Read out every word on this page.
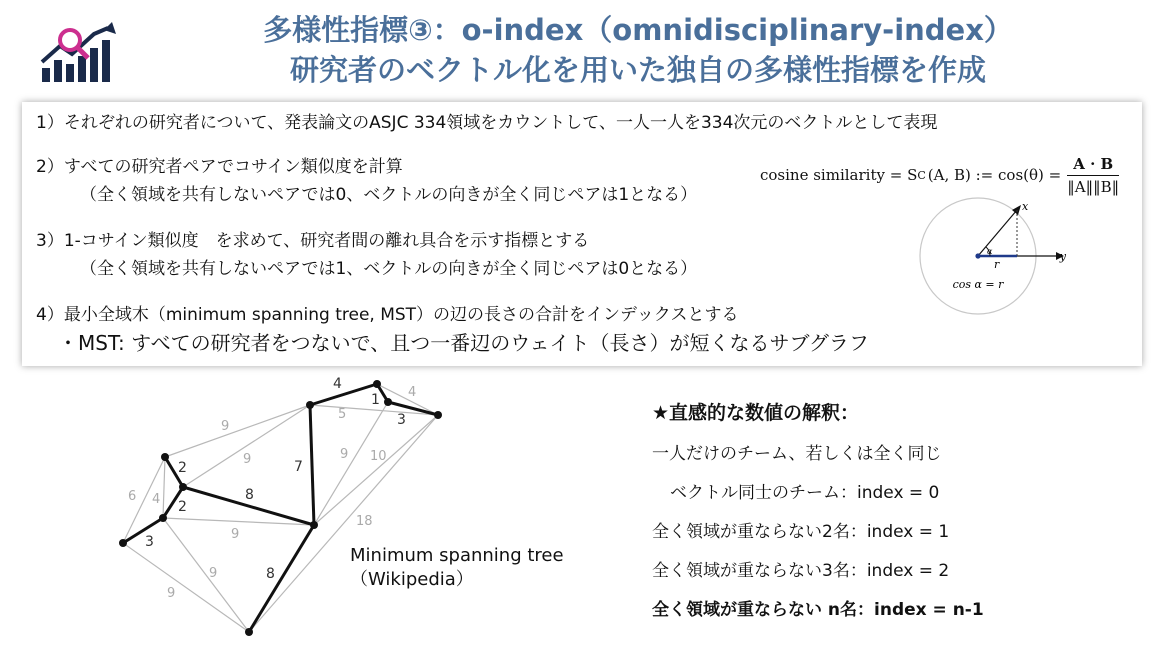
多様性指標③：o-index（omnidisciplinary-index）
研究者のベクトル化を用いた独自の多様性指標を作成
1）それぞれの研究者について、発表論文のASJC 334領域をカウントして、一人一人を334次元のベクトルとして表現
2）すべての研究者ペアでコサイン類似度を計算
（全く領域を共有しないペアでは0、ベクトルの向きが全く同じペアは1となる）
3）1-コサイン類似度　を求めて、研究者間の離れ具合を示す指標とする
（全く領域を共有しないペアでは1、ベクトルの向きが全く同じペアは0となる）
4）最小全域木（minimum spanning tree, MST）の辺の長さの合計をインデックスとする
・MST: すべての研究者をつないで、且つ一番辺のウェイト（長さ）が短くなるサブグラフ
cosine similarity = S C (A, B) := $\cos(\theta) = \frac{A \cdot B}{‖A‖‖B‖}$
x
y
r
α
cos α = r
4
1
3
4
5
9
9	7
9 10
2
6 4	8
2
9
18
3
9	8
9
Minimum spanning tree
（Wikipedia）
★直感的な数値の解釈：
一人だけのチーム、若しくは全く同じ
ベクトル同士のチーム：index = 0
全く領域が重ならない2名：index = 1
全く領域が重ならない3名：index = 2
全く領域が重ならない n名：index = n-1
